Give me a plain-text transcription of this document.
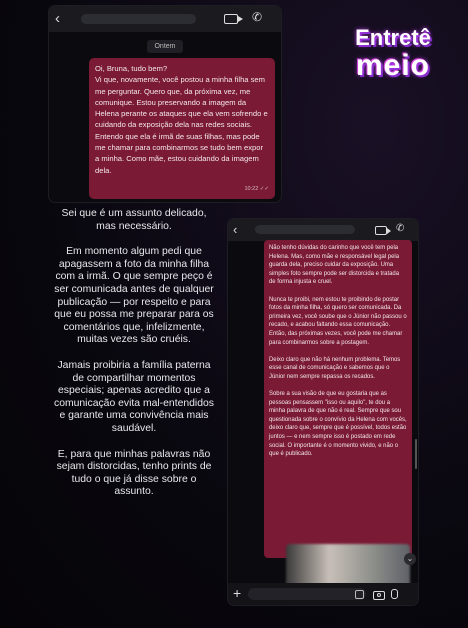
‹	✆
Ontem

Oi, Bruna, tudo bem?

Vi que, novamente, você postou a minha filha sem me perguntar. Quero que, da próxima vez, me comunique. Estou preservando a imagem da Helena perante os ataques que ela vem sofrendo e cuidando da exposição dela nas redes sociais. Entendo que ela é irmã de suas filhas, mas pode me chamar para combinarmos se tudo bem expor a minha. Como mãe, estou cuidando da imagem dela.

10:22 ✓✓
Entretê
meio

Sei que é um assunto delicado, mas necessário.

Em momento algum pedi que apagassem a foto da minha filha com a irmã. O que sempre peço é ser comunicada antes de qualquer publicação — por respeito e para que eu possa me preparar para os comentários que, infelizmente, muitas vezes são cruéis.

Jamais proibiria a família paterna de compartilhar momentos especiais; apenas acredito que a comunicação evita mal-entendidos e garante uma convivência mais saudável.

E, para que minhas palavras não sejam distorcidas, tenho prints de tudo o que já disse sobre o assunto.

‹	✆

Não tenho dúvidas do carinho que você tem pela Helena. Mas, como mãe e responsável legal pela guarda dela, preciso cuidar da exposição. Uma simples foto sempre pode ser distorcida e tratada de forma injusta e cruel.

Nunca te proibi, nem estou te proibindo de postar fotos da minha filha, só quero ser comunicada. Da primeira vez, você soube que o Júnior não passou o recado, e acabou faltando essa comunicação. Então, das próximas vezes, você pode me chamar para combinarmos sobre a postagem.

Deixo claro que não há nenhum problema. Temos esse canal de comunicação e sabemos que o Júnior nem sempre repassa os recados.

Sobre a sua visão de que eu gostaria que as pessoas pensassem "isso ou aquilo", te dou a minha palavra de que não é real. Sempre que sou questionada sobre o convívio da Helena com vocês, deixo claro que, sempre que é possível, todos estão juntos — e nem sempre isso é postado em rede social. O importante é o momento vivido, e não o que é publicado.

⌄
+
